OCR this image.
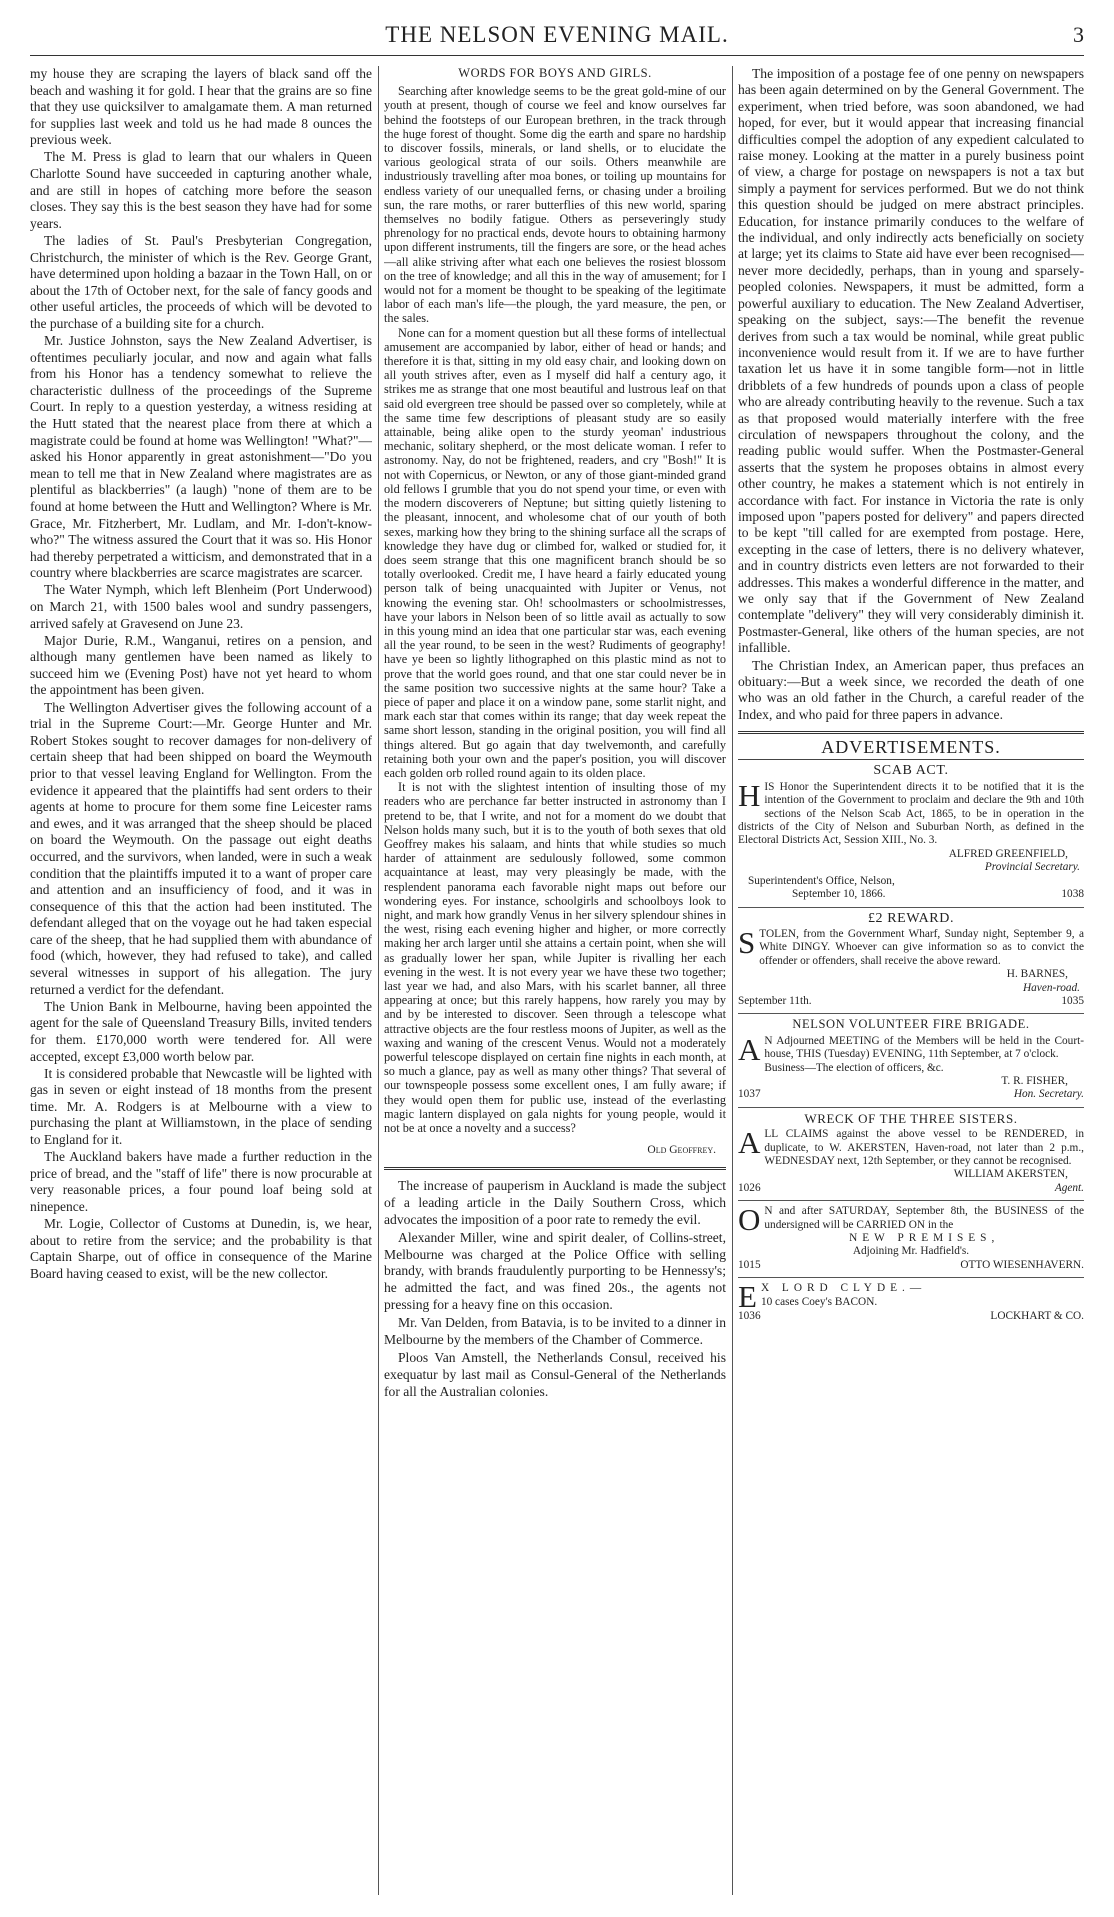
THE NELSON EVENING MAIL.	3

my house they are scraping the layers of black sand off the beach and washing it for gold. I hear that the grains are so fine that they use quicksilver to amalgamate them. A man returned for supplies last week and told us he had made 8 ounces the previous week.

The M. Press is glad to learn that our whalers in Queen Charlotte Sound have succeeded in capturing another whale, and are still in hopes of catching more before the season closes. They say this is the best season they have had for some years.

The ladies of St. Paul's Presbyterian Congregation, Christchurch, the minister of which is the Rev. George Grant, have determined upon holding a bazaar in the Town Hall, on or about the 17th of October next, for the sale of fancy goods and other useful articles, the proceeds of which will be devoted to the purchase of a building site for a church.

Mr. Justice Johnston, says the New Zealand Advertiser, is oftentimes peculiarly jocular, and now and again what falls from his Honor has a tendency somewhat to relieve the characteristic dullness of the proceedings of the Supreme Court. In reply to a question yesterday, a witness residing at the Hutt stated that the nearest place from there at which a magistrate could be found at home was Wellington! "What?"—asked his Honor apparently in great astonishment—"Do you mean to tell me that in New Zealand where magistrates are as plentiful as blackberries" (a laugh) "none of them are to be found at home between the Hutt and Wellington? Where is Mr. Grace, Mr. Fitzherbert, Mr. Ludlam, and Mr. I-don't-know-who?" The witness assured the Court that it was so. His Honor had thereby perpetrated a witticism, and demonstrated that in a country where blackberries are scarce magistrates are scarcer.

The Water Nymph, which left Blenheim (Port Underwood) on March 21, with 1500 bales wool and sundry passengers, arrived safely at Gravesend on June 23.

Major Durie, R.M., Wanganui, retires on a pension, and although many gentlemen have been named as likely to succeed him we (Evening Post) have not yet heard to whom the appointment has been given.

The Wellington Advertiser gives the following account of a trial in the Supreme Court:—Mr. George Hunter and Mr. Robert Stokes sought to recover damages for non-delivery of certain sheep that had been shipped on board the Weymouth prior to that vessel leaving England for Wellington. From the evidence it appeared that the plaintiffs had sent orders to their agents at home to procure for them some fine Leicester rams and ewes, and it was arranged that the sheep should be placed on board the Weymouth. On the passage out eight deaths occurred, and the survivors, when landed, were in such a weak condition that the plaintiffs imputed it to a want of proper care and attention and an insufficiency of food, and it was in consequence of this that the action had been instituted. The defendant alleged that on the voyage out he had taken especial care of the sheep, that he had supplied them with abundance of food (which, however, they had refused to take), and called several witnesses in support of his allegation. The jury returned a verdict for the defendant.

The Union Bank in Melbourne, having been appointed the agent for the sale of Queensland Treasury Bills, invited tenders for them. £170,000 worth were tendered for. All were accepted, except £3,000 worth below par.

It is considered probable that Newcastle will be lighted with gas in seven or eight instead of 18 months from the present time. Mr. A. Rodgers is at Melbourne with a view to purchasing the plant at Williamstown, in the place of sending to England for it.

The Auckland bakers have made a further reduction in the price of bread, and the "staff of life" there is now procurable at very reasonable prices, a four pound loaf being sold at ninepence.

Mr. Logie, Collector of Customs at Dunedin, is, we hear, about to retire from the service; and the probability is that Captain Sharpe, out of office in consequence of the Marine Board having ceased to exist, will be the new collector.

WORDS FOR BOYS AND GIRLS.

Searching after knowledge seems to be the great gold-mine of our youth at present, though of course we feel and know ourselves far behind the footsteps of our European brethren, in the track through the huge forest of thought. Some dig the earth and spare no hardship to discover fossils, minerals, or land shells, or to elucidate the various geological strata of our soils. Others meanwhile are industriously travelling after moa bones, or toiling up mountains for endless variety of our unequalled ferns, or chasing under a broiling sun, the rare moths, or rarer butterflies of this new world, sparing themselves no bodily fatigue. Others as perseveringly study phrenology for no practical ends, devote hours to obtaining harmony upon different instruments, till the fingers are sore, or the head aches—all alike striving after what each one believes the rosiest blossom on the tree of knowledge; and all this in the way of amusement; for I would not for a moment be thought to be speaking of the legitimate labor of each man's life—the plough, the yard measure, the pen, or the sales.

None can for a moment question but all these forms of intellectual amusement are accompanied by labor, either of head or hands; and therefore it is that, sitting in my old easy chair, and looking down on all youth strives after, even as I myself did half a century ago, it strikes me as strange that one most beautiful and lustrous leaf on that said old evergreen tree should be passed over so completely, while at the same time few descriptions of pleasant study are so easily attainable, being alike open to the sturdy yeoman' industrious mechanic, solitary shepherd, or the most delicate woman. I refer to astronomy. Nay, do not be frightened, readers, and cry "Bosh!" It is not with Copernicus, or Newton, or any of those giant-minded grand old fellows I grumble that you do not spend your time, or even with the modern discoverers of Neptune; but sitting quietly listening to the pleasant, innocent, and wholesome chat of our youth of both sexes, marking how they bring to the shining surface all the scraps of knowledge they have dug or climbed for, walked or studied for, it does seem strange that this one magnificent branch should be so totally overlooked. Credit me, I have heard a fairly educated young person talk of being unacquainted with Jupiter or Venus, not knowing the evening star. Oh! schoolmasters or schoolmistresses, have your labors in Nelson been of so little avail as actually to sow in this young mind an idea that one particular star was, each evening all the year round, to be seen in the west? Rudiments of geography! have ye been so lightly lithographed on this plastic mind as not to prove that the world goes round, and that one star could never be in the same position two successive nights at the same hour? Take a piece of paper and place it on a window pane, some starlit night, and mark each star that comes within its range; that day week repeat the same short lesson, standing in the original position, you will find all things altered. But go again that day twelvemonth, and carefully retaining both your own and the paper's position, you will discover each golden orb rolled round again to its olden place.

It is not with the slightest intention of insulting those of my readers who are perchance far better instructed in astronomy than I pretend to be, that I write, and not for a moment do we doubt that Nelson holds many such, but it is to the youth of both sexes that old Geoffrey makes his salaam, and hints that while studies so much harder of attainment are sedulously followed, some common acquaintance at least, may very pleasingly be made, with the resplendent panorama each favorable night maps out before our wondering eyes. For instance, schoolgirls and schoolboys look to night, and mark how grandly Venus in her silvery splendour shines in the west, rising each evening higher and higher, or more correctly making her arch larger until she attains a certain point, when she will as gradually lower her span, while Jupiter is rivalling her each evening in the west. It is not every year we have these two together; last year we had, and also Mars, with his scarlet banner, all three appearing at once; but this rarely happens, how rarely you may by and by be interested to discover. Seen through a telescope what attractive objects are the four restless moons of Jupiter, as well as the waxing and waning of the crescent Venus. Would not a moderately powerful telescope displayed on certain fine nights in each month, at so much a glance, pay as well as many other things? That several of our townspeople possess some excellent ones, I am fully aware; if they would open them for public use, instead of the everlasting magic lantern displayed on gala nights for young people, would it not be at once a novelty and a success?

Old Geoffrey.

The increase of pauperism in Auckland is made the subject of a leading article in the Daily Southern Cross, which advocates the imposition of a poor rate to remedy the evil.

Alexander Miller, wine and spirit dealer, of Collins-street, Melbourne was charged at the Police Office with selling brandy, with brands fraudulently purporting to be Hennessy's; he admitted the fact, and was fined 20s., the agents not pressing for a heavy fine on this occasion.

Mr. Van Delden, from Batavia, is to be invited to a dinner in Melbourne by the members of the Chamber of Commerce.

Ploos Van Amstell, the Netherlands Consul, received his exequatur by last mail as Consul-General of the Netherlands for all the Australian colonies.

The imposition of a postage fee of one penny on newspapers has been again determined on by the General Government. The experiment, when tried before, was soon abandoned, we had hoped, for ever, but it would appear that increasing financial difficulties compel the adoption of any expedient calculated to raise money. Looking at the matter in a purely business point of view, a charge for postage on newspapers is not a tax but simply a payment for services performed. But we do not think this question should be judged on mere abstract principles. Education, for instance primarily conduces to the welfare of the individual, and only indirectly acts beneficially on society at large; yet its claims to State aid have ever been recognised—never more decidedly, perhaps, than in young and sparsely-peopled colonies. Newspapers, it must be admitted, form a powerful auxiliary to education. The New Zealand Advertiser, speaking on the subject, says:—The benefit the revenue derives from such a tax would be nominal, while great public inconvenience would result from it. If we are to have further taxation let us have it in some tangible form—not in little dribblets of a few hundreds of pounds upon a class of people who are already contributing heavily to the revenue. Such a tax as that proposed would materially interfere with the free circulation of newspapers throughout the colony, and the reading public would suffer. When the Postmaster-General asserts that the system he proposes obtains in almost every other country, he makes a statement which is not entirely in accordance with fact. For instance in Victoria the rate is only imposed upon "papers posted for delivery" and papers directed to be kept "till called for are exempted from postage. Here, excepting in the case of letters, there is no delivery whatever, and in country districts even letters are not forwarded to their addresses. This makes a wonderful difference in the matter, and we only say that if the Government of New Zealand contemplate "delivery" they will very considerably diminish it. Postmaster-General, like others of the human species, are not infallible.

The Christian Index, an American paper, thus prefaces an obituary:—But a week since, we recorded the death of one who was an old father in the Church, a careful reader of the Index, and who paid for three papers in advance.

ADVERTISEMENTS.
SCAB ACT.
H IS Honor the Superintendent directs it to be notified that it is the intention of the Government to proclaim and declare the 9th and 10th sections of the Nelson Scab Act, 1865, to be in operation in the districts of the City of Nelson and Suburban North, as defined in the Electoral Districts Act, Session XIII., No. 3.
ALFRED GREENFIELD,
Provincial Secretary.
Superintendent's Office, Nelson,
September 10, 1866.	1038
£2 REWARD.
S TOLEN, from the Government Wharf, Sunday night, September 9, a White DINGY. Whoever can give information so as to convict the offender or offenders, shall receive the above reward.
H. BARNES,
Haven-road.
September 11th.	1035
NELSON VOLUNTEER FIRE BRIGADE.
A N Adjourned MEETING of the Members will be held in the Court-house, THIS (Tuesday) EVENING, 11th September, at 7 o'clock.
Business—The election of officers, &c.
T. R. FISHER,
1037	Hon. Secretary.
WRECK OF THE THREE SISTERS.
A LL CLAIMS against the above vessel to be RENDERED, in duplicate, to W. AKERSTEN, Haven-road, not later than 2 p.m., WEDNESDAY next, 12th September, or they cannot be recognised.
WILLIAM AKERSTEN,
1026	Agent.
O N and after SATURDAY, September 8th, the BUSINESS of the undersigned will be CARRIED ON in the
NEW PREMISES,
Adjoining Mr. Hadfield's.
1015	OTTO WIESENHAVERN.
E X LORD CLYDE.—
10 cases Coey's BACON.
1036	LOCKHART & CO.
